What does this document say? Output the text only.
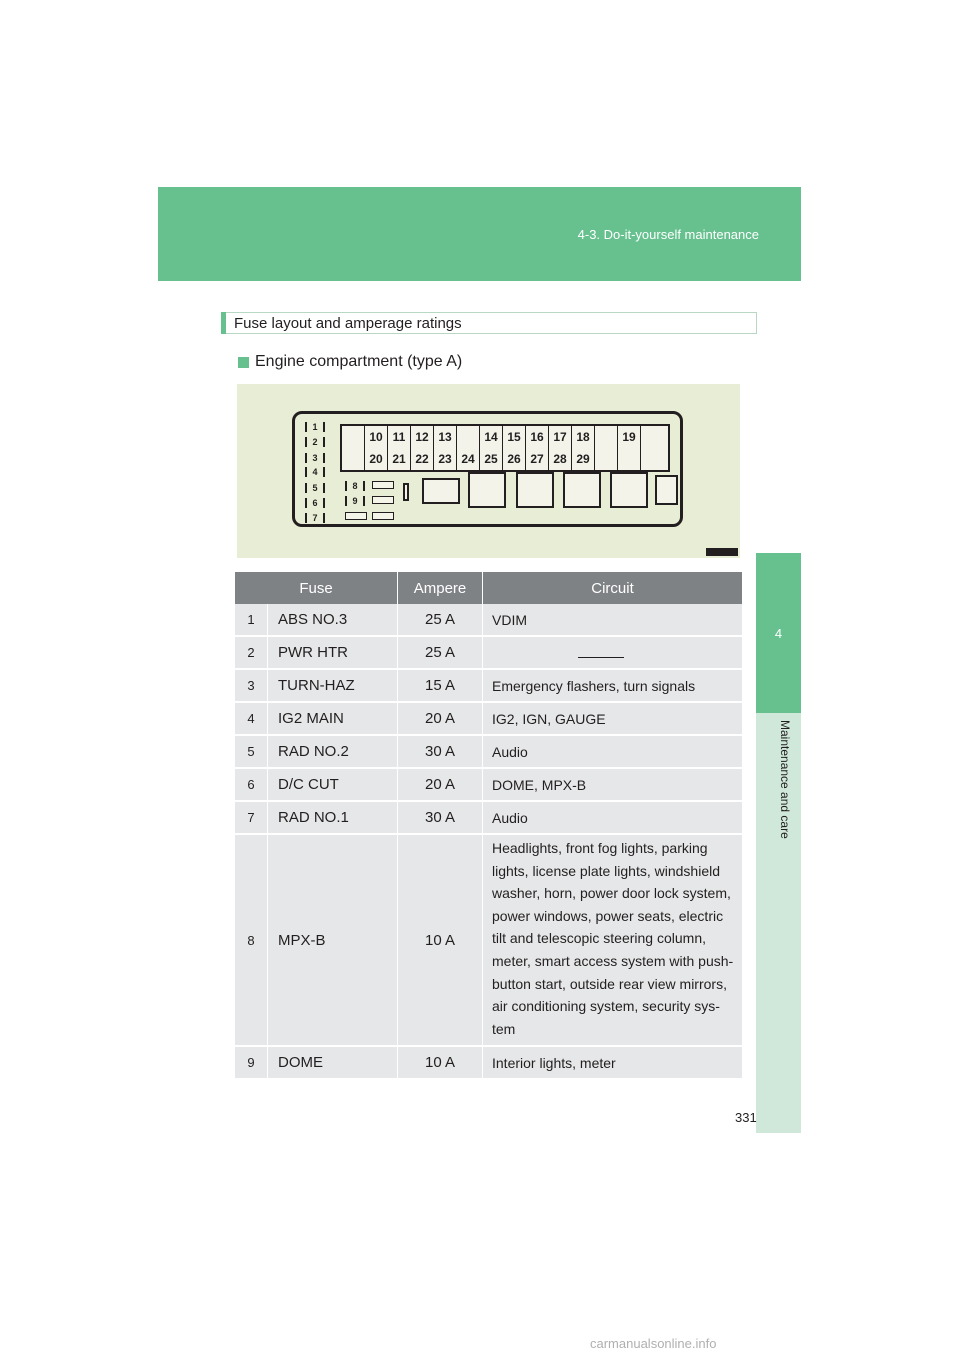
4-3. Do-it-yourself maintenance
4
Maintenance and care
Fuse layout and amperage ratings
Engine compartment (type A)
1
2
3
4
5
6
7
8
9
10 11 12 13	14 15 16 17 18	19
20 21 22 23 24 25 26 27 28 29
Fuse		Ampere	Circuit
1	ABS NO.3	25 A	VDIM
2	PWR HTR	25 A	
3	TURN-HAZ	15 A	Emergency flashers, turn signals
4	IG2 MAIN	20 A	IG2, IGN, GAUGE
5	RAD NO.2	30 A	Audio
6	D/C CUT	20 A	DOME, MPX-B
7	RAD NO.1	30 A	Audio
8	MPX-B	10 A	Headlights, front fog lights, parking lights, license plate lights, windshield washer, horn, power door lock system, power windows, power seats, electric tilt and telescopic steering column, meter, smart access system with push-button start, outside rear view mirrors, air conditioning system, security sys-tem
9	DOME	10 A	Interior lights, meter
331
carmanualsonline.info
